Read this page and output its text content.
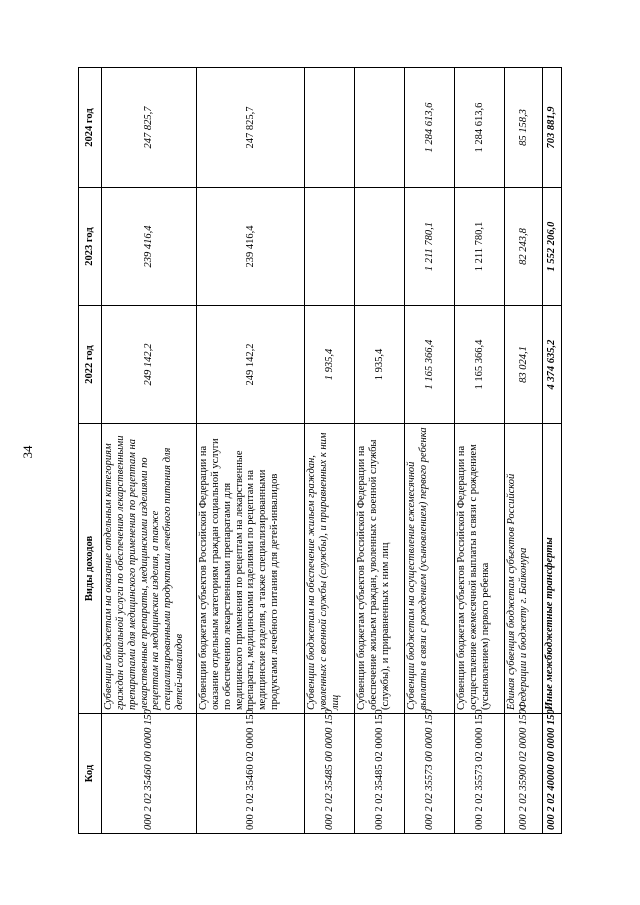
34
Код	Виды доходов	2022 год	2023 год	2024 год
000 2 02 35460 00 0000 150	Субвенции бюджетам на оказание отдельным категориям граждан социальной услуги по обеспечению лекарственными препаратами для медицинского применения по рецептам на лекарственные препараты, медицинскими изделиями по рецептам на медицинские изделия, а также специализированными продуктами лечебного питания для детей-инвалидов	249 142,2	239 416,4	247 825,7
000 2 02 35460 02 0000 150	Субвенции бюджетам субъектов Российской Федерации на оказание отдельным категориям граждан социальной услуги по обеспечению лекарственными препаратами для медицинского применения по рецептам на лекарственные препараты, медицинскими изделиями по рецептам на медицинские изделия, а также специализированными продуктами лечебного питания для детей-инвалидов	249 142,2	239 416,4	247 825,7
000 2 02 35485 00 0000 150	Субвенции бюджетам на обеспечение жильем граждан, уволенных с военной службы (службы), и приравненных к ним лиц	1 935,4		
000 2 02 35485 02 0000 150	Субвенции бюджетам субъектов Российской Федерации на обеспечение жильем граждан, уволенных с военной службы (службы), и приравненных к ним лиц	1 935,4		
000 2 02 35573 00 0000 150	Субвенции бюджетам на осуществление ежемесячной выплаты в связи с рождением (усыновлением) первого ребенка	1 165 366,4	1 211 780,1	1 284 613,6
000 2 02 35573 02 0000 150	Субвенции бюджетам субъектов Российской Федерации на осуществление ежемесячной выплаты в связи с рождением (усыновлением) первого ребенка	1 165 366,4	1 211 780,1	1 284 613,6
000 2 02 35900 02 0000 150	Единая субвенция бюджетам субъектов Российской Федерации и бюджету г. Байконура	83 024,1	82 243,8	85 158,3
000 2 02 40000 00 0000 150	Иные межбюджетные трансферты	4 374 635,2	1 552 206,0	703 881,9
